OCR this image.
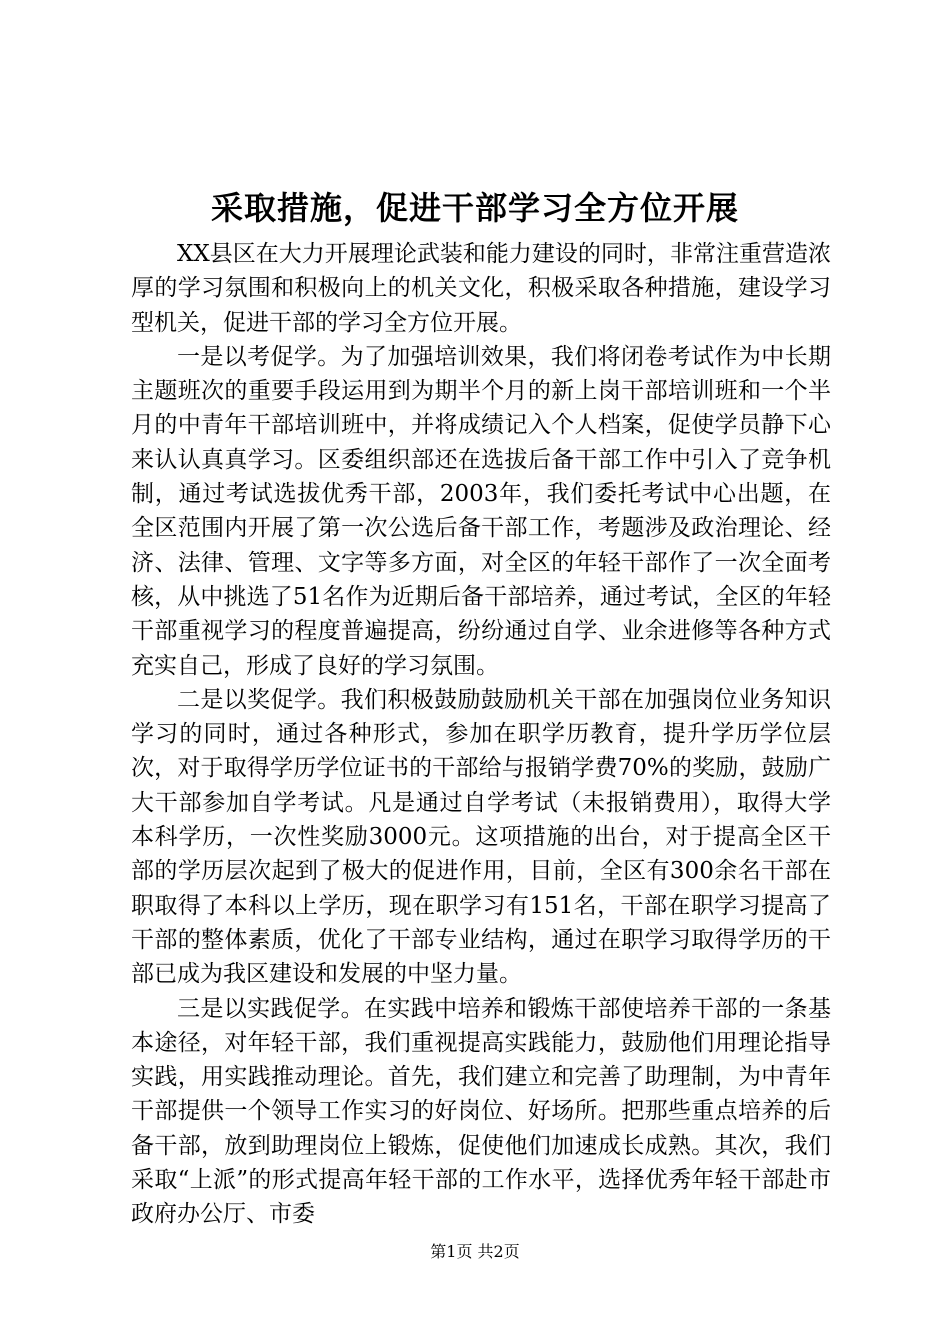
采取措施，促进干部学习全方位开展

XX县区在大力开展理论武装和能力建设的同时，非常注重营造浓厚的学习氛围和积极向上的机关文化，积极采取各种措施，建设学习型机关，促进干部的学习全方位开展。

一是以考促学。为了加强培训效果，我们将闭卷考试作为中长期主题班次的重要手段运用到为期半个月的新上岗干部培训班和一个半月的中青年干部培训班中，并将成绩记入个人档案，促使学员静下心来认认真真学习。区委组织部还在选拔后备干部工作中引入了竞争机制，通过考试选拔优秀干部，2003年，我们委托考试中心出题，在全区范围内开展了第一次公选后备干部工作，考题涉及政治理论、经济、法律、管理、文字等多方面，对全区的年轻干部作了一次全面考核，从中挑选了51名作为近期后备干部培养，通过考试，全区的年轻干部重视学习的程度普遍提高，纷纷通过自学、业余进修等各种方式充实自己，形成了良好的学习氛围。

二是以奖促学。我们积极鼓励鼓励机关干部在加强岗位业务知识学习的同时，通过各种形式，参加在职学历教育，提升学历学位层次，对于取得学历学位证书的干部给与报销学费70%的奖励，鼓励广大干部参加自学考试。凡是通过自学考试（未报销费用），取得大学本科学历，一次性奖励3000元。这项措施的出台，对于提高全区干部的学历层次起到了极大的促进作用，目前，全区有300余名干部在职取得了本科以上学历，现在职学习有151名，干部在职学习提高了干部的整体素质，优化了干部专业结构，通过在职学习取得学历的干部已成为我区建设和发展的中坚力量。

三是以实践促学。在实践中培养和锻炼干部使培养干部的一条基本途径，对年轻干部，我们重视提高实践能力，鼓励他们用理论指导实践，用实践推动理论。首先，我们建立和完善了助理制，为中青年干部提供一个领导工作实习的好岗位、好场所。把那些重点培养的后备干部，放到助理岗位上锻炼，促使他们加速成长成熟。其次，我们采取“上派”的形式提高年轻干部的工作水平，选择优秀年轻干部赴市政府办公厅、市委

第1页 共2页
